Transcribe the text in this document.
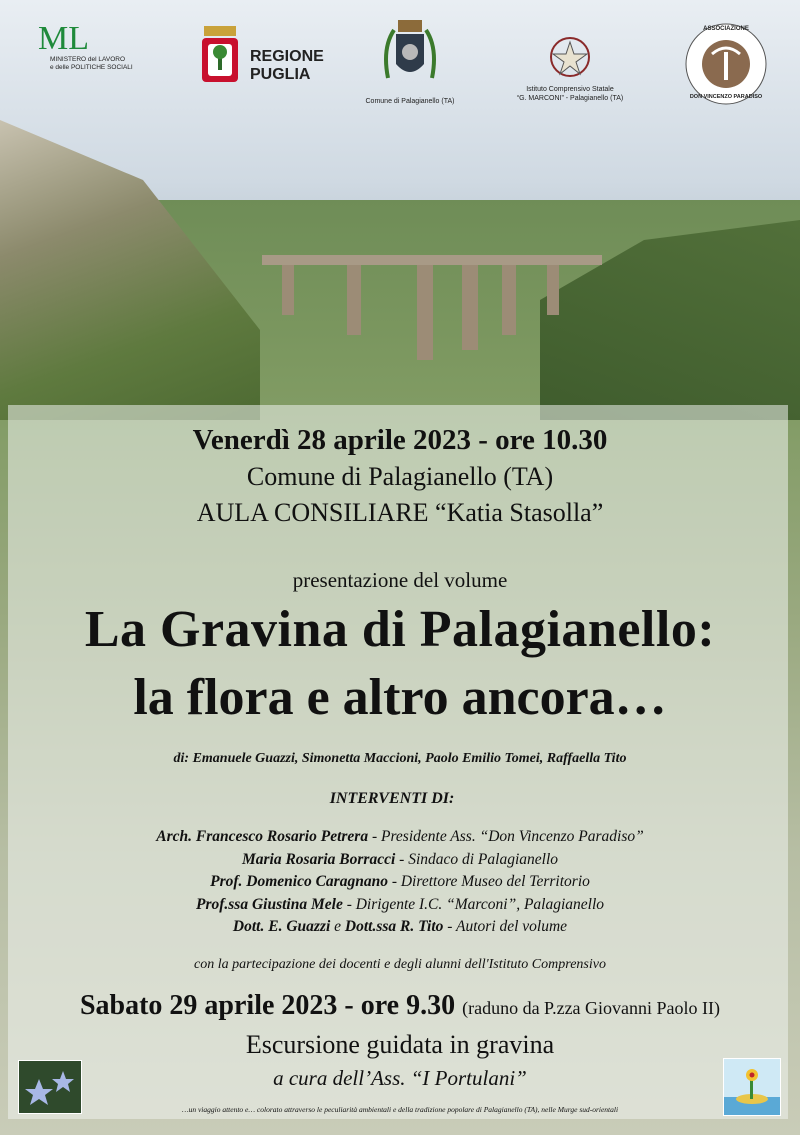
ML
MINISTERO del LAVORO
e delle POLITICHE SOCIALI
REGIONE
PUGLIA
Comune di Palagianello (TA)
Istituto Comprensivo Statale
“G. MARCONI” - Palagianello (TA)
ASSOCIAZIONE
DON VINCENZO PARADISO
Venerdì 28 aprile 2023 - ore 10.30
Comune di Palagianello (TA)
AULA CONSILIARE “Katia Stasolla”
presentazione del volume
La Gravina di Palagianello:
la flora e altro ancora…
di: Emanuele Guazzi, Simonetta Maccioni, Paolo Emilio Tomei, Raffaella Tito
INTERVENTI DI:
Arch. Francesco Rosario Petrera - Presidente Ass. “Don Vincenzo Paradiso”
Maria Rosaria Borracci - Sindaco di Palagianello
Prof. Domenico Caragnano - Direttore Museo del Territorio
Prof.ssa Giustina Mele - Dirigente I.C. “Marconi”, Palagianello
Dott. E. Guazzi e Dott.ssa R. Tito - Autori del volume
con la partecipazione dei docenti e degli alunni dell'Istituto Comprensivo
Sabato 29 aprile 2023 - ore 9.30 (raduno da P.zza Giovanni Paolo II)
Escursione guidata in gravina
a cura dell’Ass. “I Portulani”
…un viaggio attento e… colorato attraverso le peculiarità ambientali e della tradizione popolare di Palagianello (TA), nelle Murge sud-orientali
